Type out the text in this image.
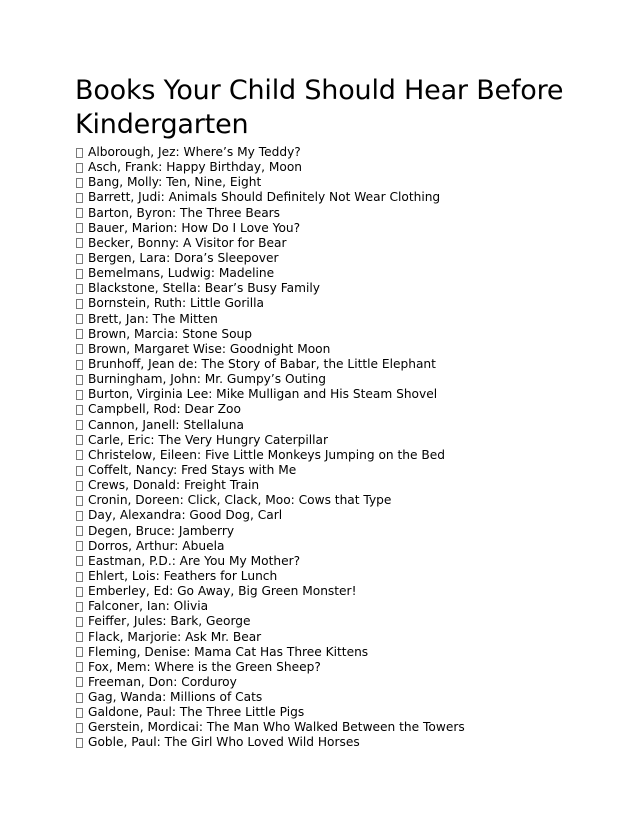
Books Your Child Should Hear Before Kindergarten
Alborough, Jez: Where’s My Teddy?
Asch, Frank: Happy Birthday, Moon
Bang, Molly: Ten, Nine, Eight
Barrett, Judi: Animals Should Definitely Not Wear Clothing
Barton, Byron: The Three Bears
Bauer, Marion: How Do I Love You?
Becker, Bonny: A Visitor for Bear
Bergen, Lara: Dora’s Sleepover
Bemelmans, Ludwig: Madeline
Blackstone, Stella: Bear’s Busy Family
Bornstein, Ruth: Little Gorilla
Brett, Jan: The Mitten
Brown, Marcia: Stone Soup
Brown, Margaret Wise: Goodnight Moon
Brunhoff, Jean de: The Story of Babar, the Little Elephant
Burningham, John: Mr. Gumpy’s Outing
Burton, Virginia Lee: Mike Mulligan and His Steam Shovel
Campbell, Rod: Dear Zoo
Cannon, Janell: Stellaluna
Carle, Eric: The Very Hungry Caterpillar
Christelow, Eileen: Five Little Monkeys Jumping on the Bed
Coffelt, Nancy: Fred Stays with Me
Crews, Donald: Freight Train
Cronin, Doreen: Click, Clack, Moo: Cows that Type
Day, Alexandra: Good Dog, Carl
Degen, Bruce: Jamberry
Dorros, Arthur: Abuela
Eastman, P.D.: Are You My Mother?
Ehlert, Lois: Feathers for Lunch
Emberley, Ed: Go Away, Big Green Monster!
Falconer, Ian: Olivia
Feiffer, Jules: Bark, George
Flack, Marjorie: Ask Mr. Bear
Fleming, Denise: Mama Cat Has Three Kittens
Fox, Mem: Where is the Green Sheep?
Freeman, Don: Corduroy
Gag, Wanda: Millions of Cats
Galdone, Paul: The Three Little Pigs
Gerstein, Mordicai: The Man Who Walked Between the Towers
Goble, Paul: The Girl Who Loved Wild Horses
